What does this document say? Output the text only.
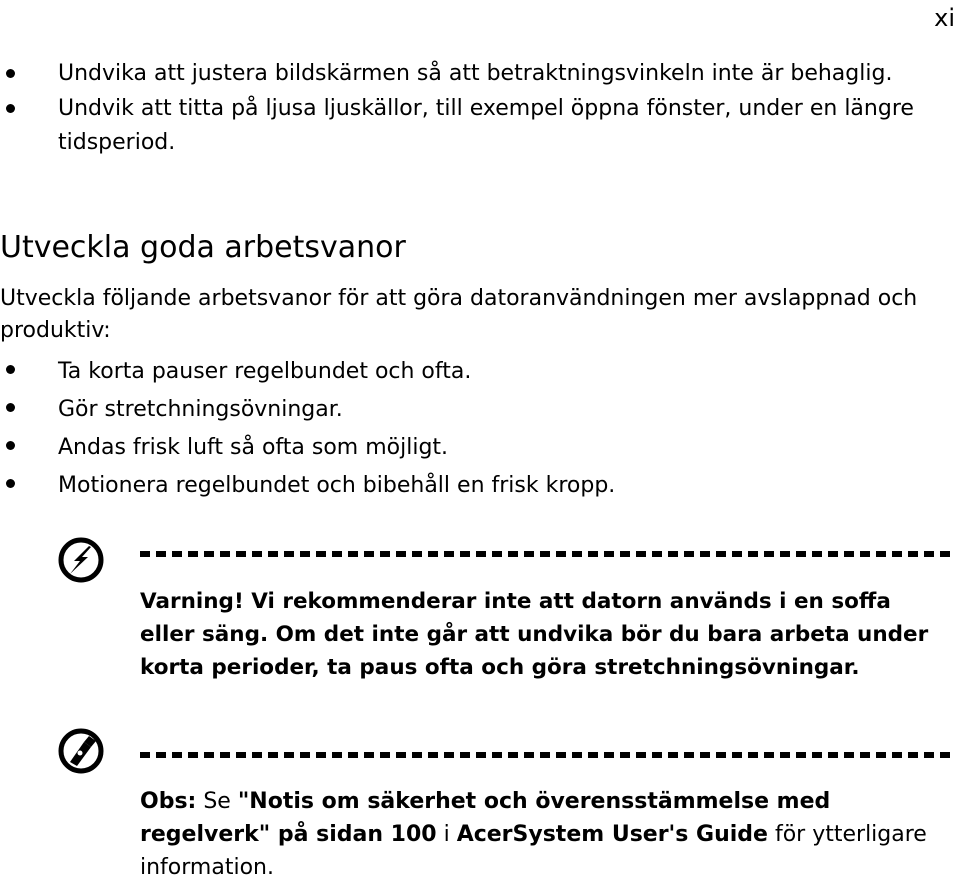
xi
Undvika att justera bildskärmen så att betraktningsvinkeln inte är behaglig.
Undvik att titta på ljusa ljuskällor, till exempel öppna fönster, under en längre tidsperiod.
Utveckla goda arbetsvanor

Utveckla följande arbetsvanor för att göra datoranvändningen mer avslappnad och produktiv:

Ta korta pauser regelbundet och ofta.
Gör stretchningsövningar.
Andas frisk luft så ofta som möjligt.
Motionera regelbundet och bibehåll en frisk kropp.

Varning! Vi rekommenderar inte att datorn används i en soffa eller säng. Om det inte går att undvika bör du bara arbeta under korta perioder, ta paus ofta och göra stretchningsövningar.

Obs: Se "Notis om säkerhet och överensstämmelse med regelverk" på sidan 100 i AcerSystem User's Guide för ytterligare information.
